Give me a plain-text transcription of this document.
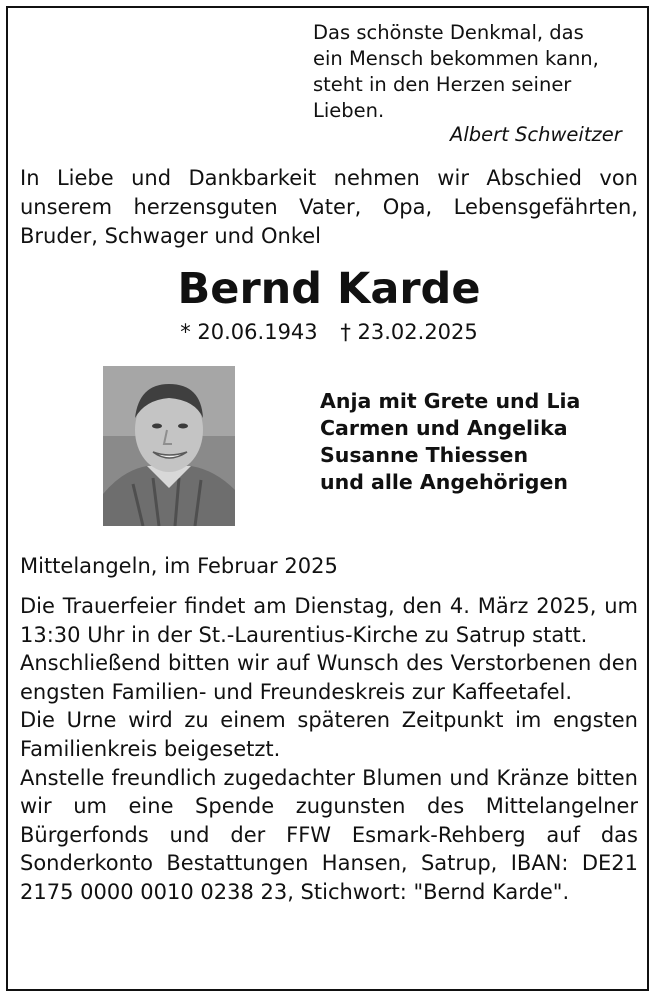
Das schönste Denkmal, das
ein Mensch bekommen kann,
steht in den Herzen seiner
Lieben.
Albert Schweitzer

In Liebe und Dankbarkeit nehmen wir Abschied von unserem herzensguten Vater, Opa, Lebensgefährten, Bruder, Schwager und Onkel

Bernd Karde
* 20.06.1943 † 23.02.2025
Anja mit Grete und Lia
Carmen und Angelika
Susanne Thiessen
und alle Angehörigen

Mittelangeln, im Februar 2025

Die Trauerfeier findet am Dienstag, den 4. März 2025, um 13:30 Uhr in der St.-Laurentius-Kirche zu Satrup statt.

Anschließend bitten wir auf Wunsch des Verstorbenen den engsten Familien- und Freundeskreis zur Kaffeetafel.

Die Urne wird zu einem späteren Zeitpunkt im engsten Familienkreis beigesetzt.

Anstelle freundlich zugedachter Blumen und Kränze bitten wir um eine Spende zugunsten des Mittelangelner Bürgerfonds und der FFW Esmark-Rehberg auf das Sonderkonto Bestattungen Hansen, Satrup, IBAN: DE21 2175 0000 0010 0238 23, Stichwort: "Bernd Karde".
